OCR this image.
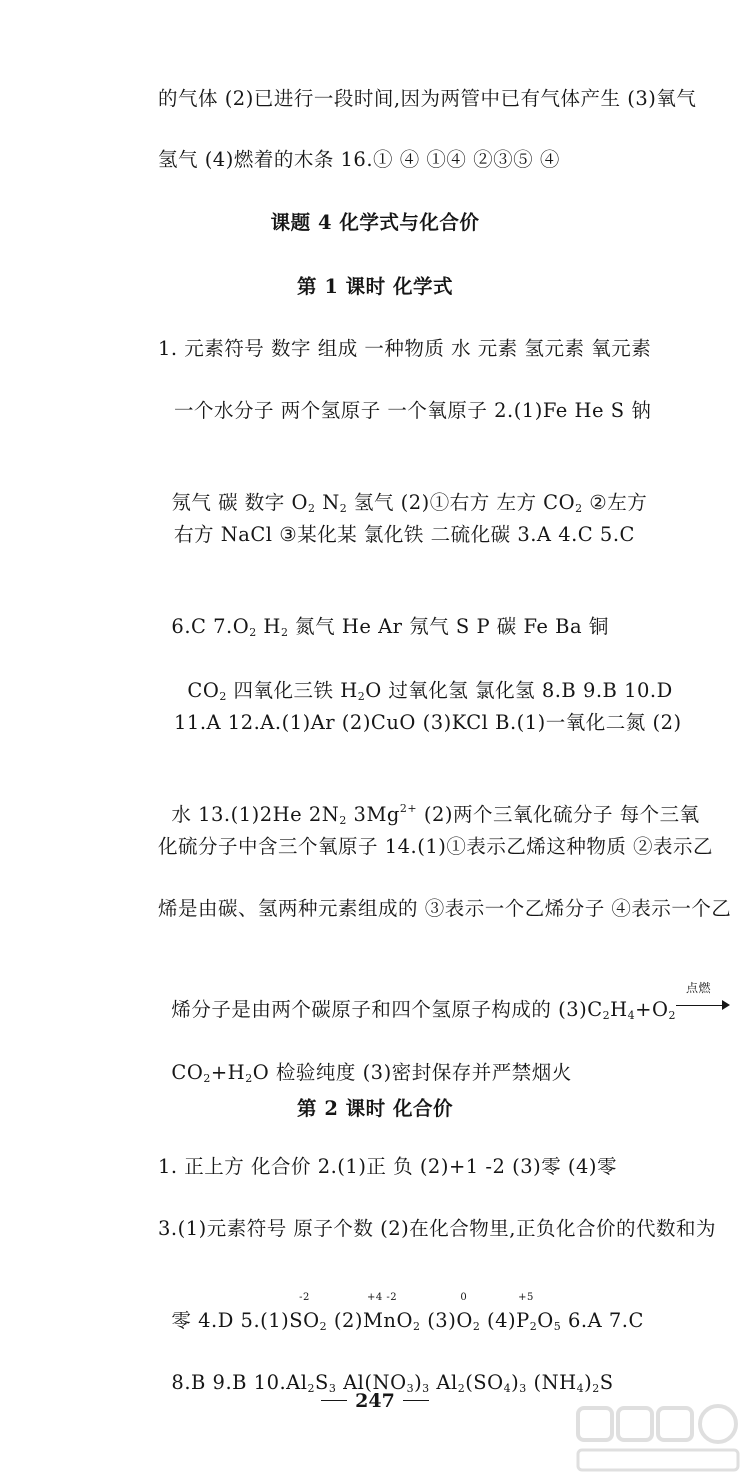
的气体 (2)已进行一段时间,因为两管中已有气体产生 (3)氧气
氢气 (4)燃着的木条 16.① ④ ①④ ②③⑤ ④
课题 4 化学式与化合价
第 1 课时 化学式
1. 元素符号 数字 组成 一种物质 水 元素 氢元素 氧元素
一个水分子 两个氢原子 一个氧原子 2.(1)Fe He S 钠

氖气 碳 数字 $O_2$ $N_2$ 氢气 (2)①右方 左方 $CO_2$ ②左方

右方 NaCl ③某化某 氯化铁 二硫化碳 3.A 4.C 5.C

6.C $7.O_2$ $H_2$ 氮气 He Ar 氖气 S P 碳 Fe Ba 铜

$CO_2$ 四氧化三铁 $H_2O$ 过氧化氢 氯化氢 8.B 9.B 10.D

11.A 12.A.(1)Ar (2)CuO (3)KCl B.(1)一氧化二氮 (2)

水 13.(1)2He $2N_2$ $3Mg^{2+}$ (2)两个三氧化硫分子 每个三氧

化硫分子中含三个氧原子 14.(1)①表示乙烯这种物质 ②表示乙
烯是由碳、氢两种元素组成的 ③表示一个乙烯分子 ④表示一个乙

烯分子是由两个碳原子和四个氢原子构成的 $(3)C_2H_4+O_2$
点燃

$CO_2+H_2O$ 检验纯度 (3)密封保存并严禁烟火

第 2 课时 化合价
1. 正上方 化合价 2.(1)正 负 (2)+1 -2 (3)零 (4)零
3.(1)元素符号 原子个数 (2)在化合物里,正负化合价的代数和为

零 4.D 5.(1)S
-2
$O_2$ (2)
+4 -2
MnO$_2$ (3)
0
$O_2$ (4)
+5
$P_2O_5$ 6.A 7.C

8.B 9.B $10.Al_2S_3$ $Al(NO_3)_3$ $Al_2(SO_4)_3$ $(NH_4)_2S$

247
